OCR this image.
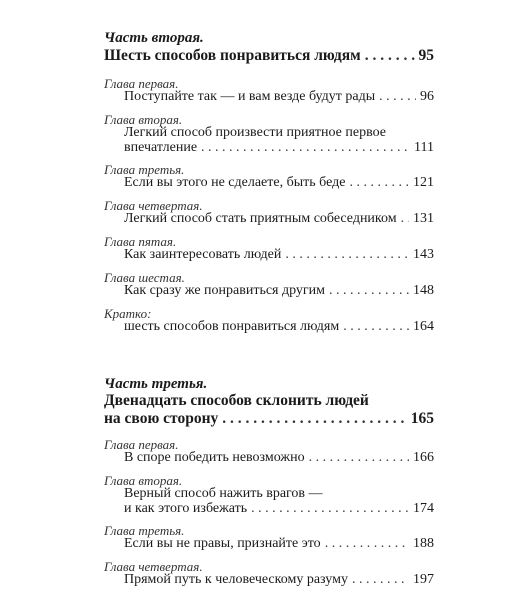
Часть вторая.
Шесть способов понравиться людям . . .	95
Глава первая.
Поступайте так — и вам везде будут рады . . .	96
Глава вторая.
Легкий способ произвести приятное первое
впечатление . . .	111
Глава третья.
Если вы этого не сделаете, быть беде . . .	121
Глава четвертая.
Легкий способ стать приятным собеседником . . . 131
Глава пятая.
Как заинтересовать людей . . .	143
Глава шестая.
Как сразу же понравиться другим . . .	148
Кратко:
шесть способов понравиться людям . . .	164
Часть третья.
Двенадцать способов склонить людей
на свою сторону . . .	165
Глава первая.
В споре победить невозможно . . .	166
Глава вторая.
Верный способ нажить врагов —
и как этого избежать . . .	174
Глава третья.
Если вы не правы, признайте это . . .	188
Глава четвертая.
Прямой путь к человеческому разуму . . .	197
